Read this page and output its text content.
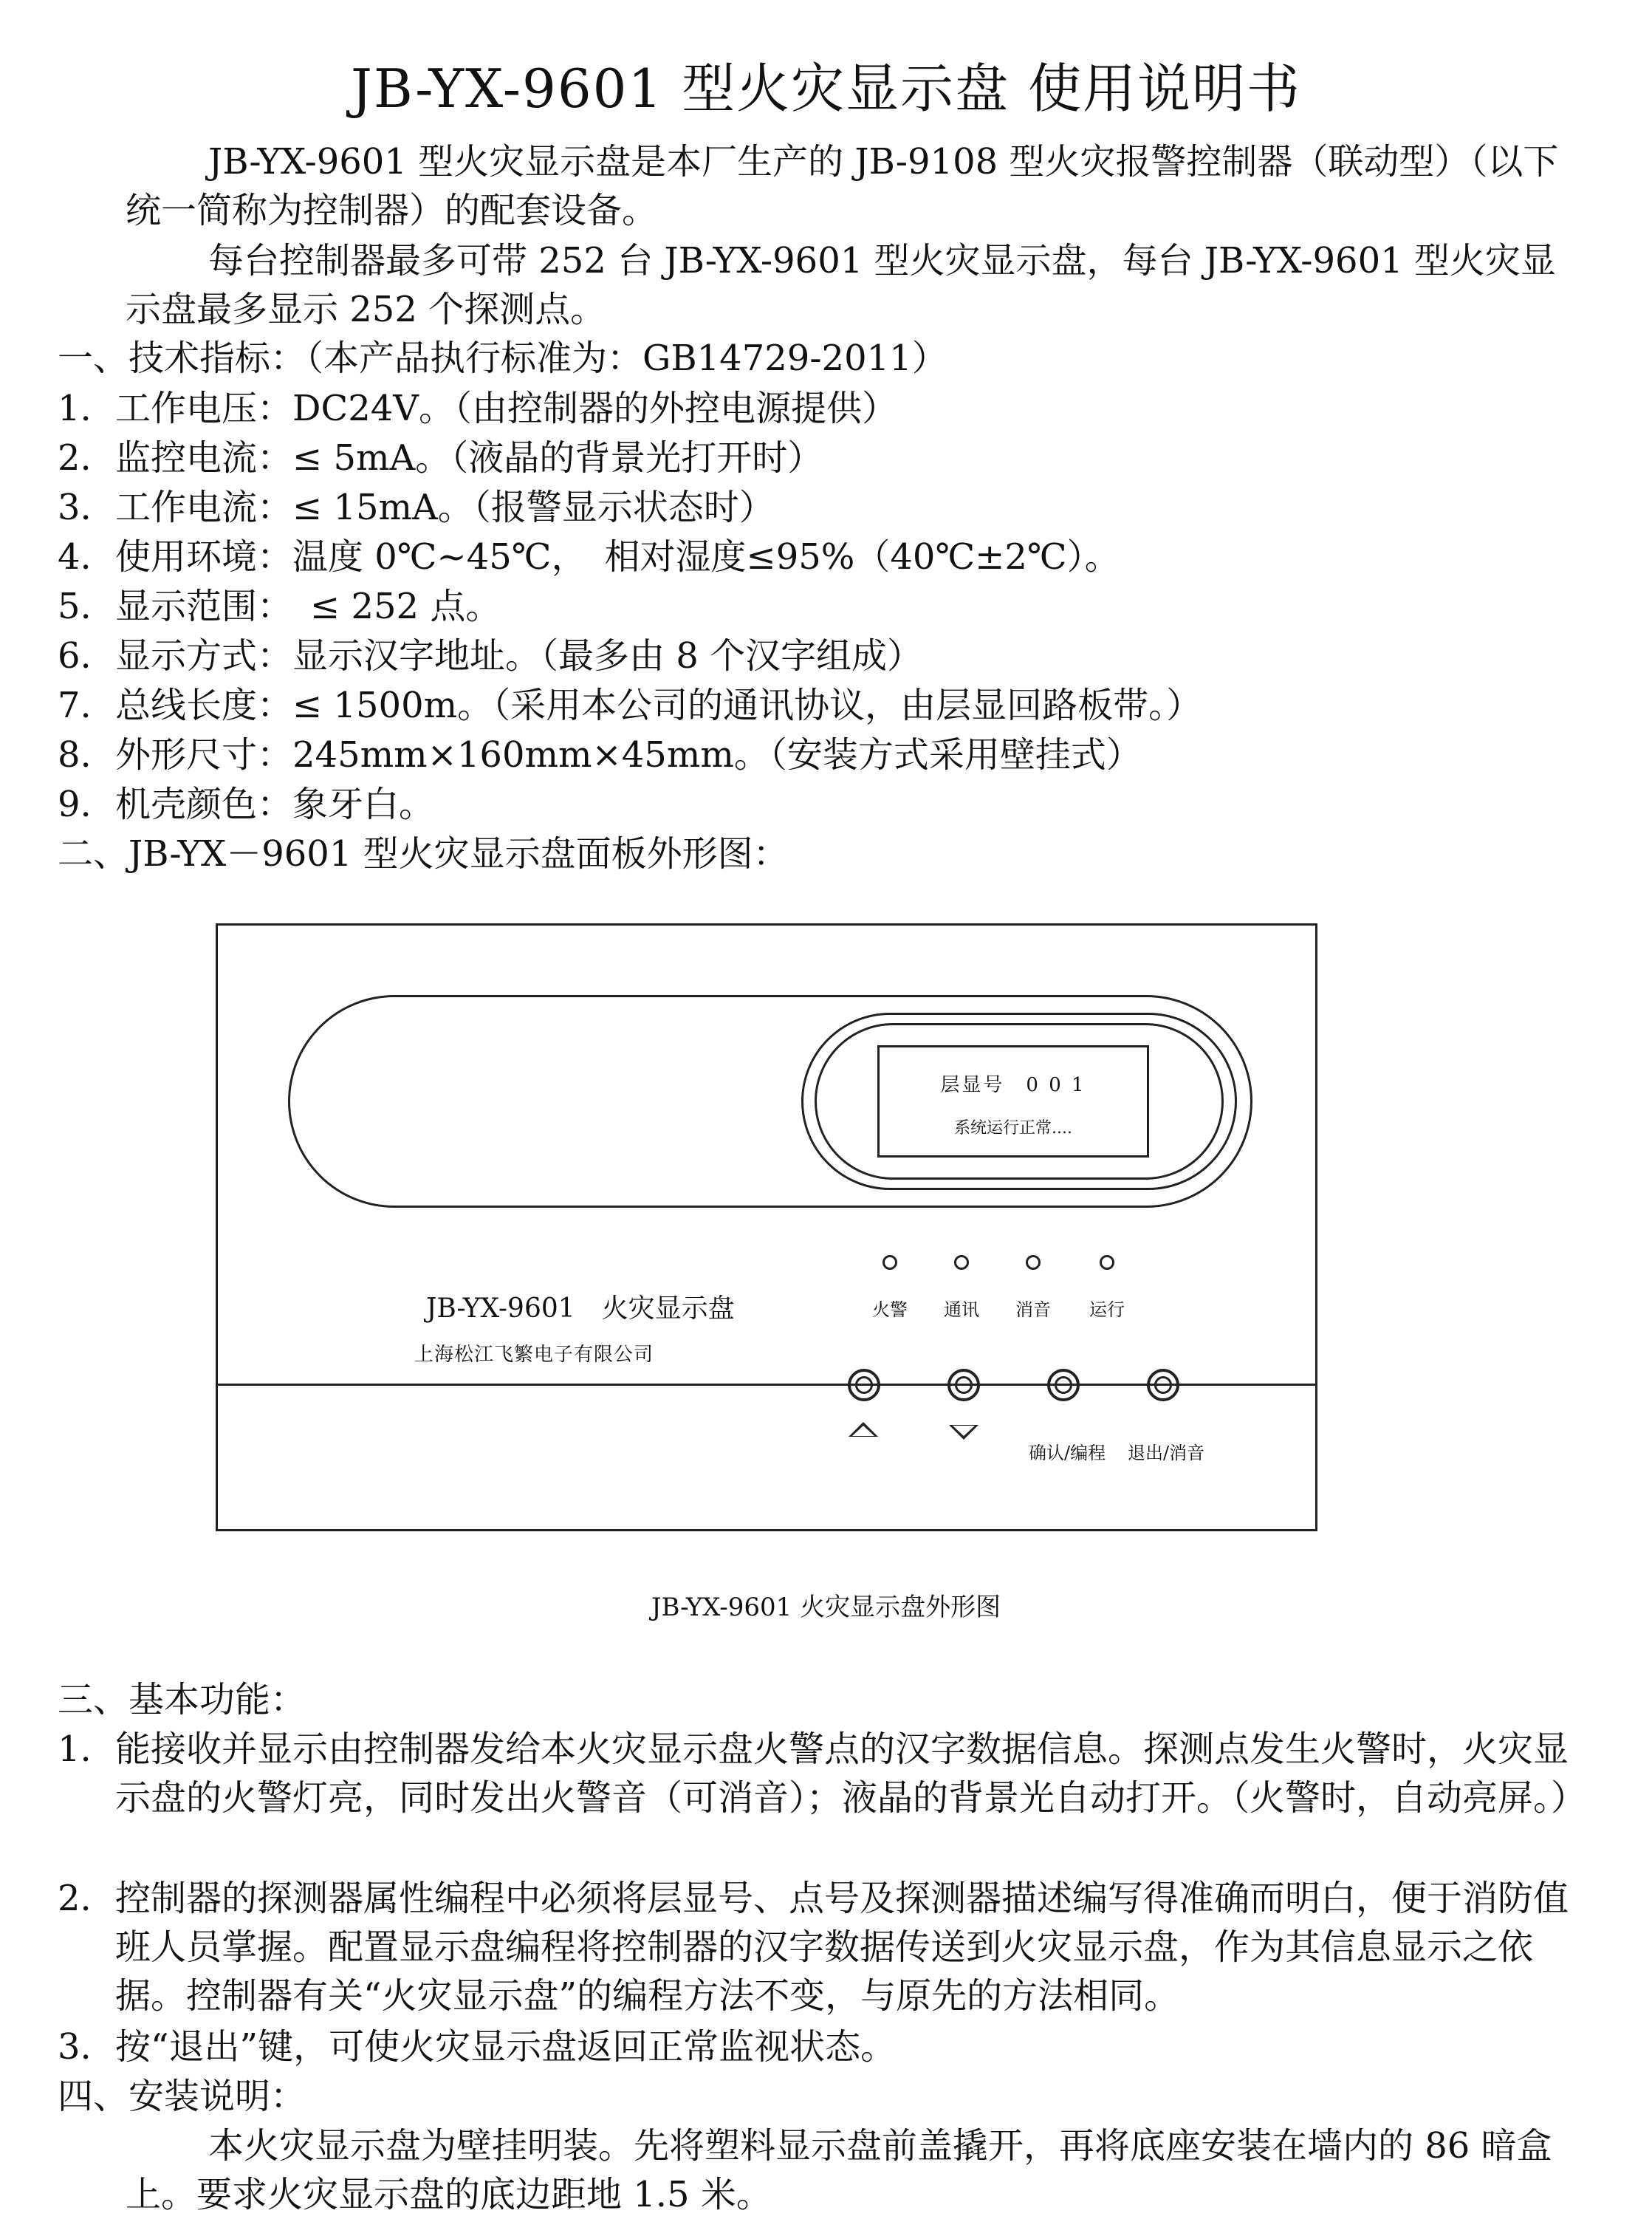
JB-YX-9601 型火灾显示盘 使用说明书
JB-YX-9601 型火灾显示盘是本厂生产的 JB-9108 型火灾报警控制器（联动型）（以下统一简称为控制器）的配套设备。
每台控制器最多可带 252 台 JB-YX-9601 型火灾显示盘，每台 JB-YX-9601 型火灾显示盘最多显示 252 个探测点。
一、技术指标：（本产品执行标准为：GB14729-2011）
1. 工作电压：DC24V。（由控制器的外控电源提供）
2. 监控电流：≤ 5mA。（液晶的背景光打开时）
3. 工作电流：≤ 15mA。（报警显示状态时）
4. 使用环境：温度 0℃~45℃，　相对湿度≤95%（40℃±2℃）。
5. 显示范围：　≤ 252 点。
6. 显示方式：显示汉字地址。（最多由 8 个汉字组成）
7. 总线长度：≤ 1500m。（采用本公司的通讯协议，由层显回路板带。）
8. 外形尺寸：245mm×160mm×45mm。（安装方式采用壁挂式）
9. 机壳颜色：象牙白。
二、JB-YX－9601 型火灾显示盘面板外形图：
层显号　0 0 1
系统运行正常....
火警	通讯	消音	运行
JB-YX-9601　火灾显示盘
上海松江飞繁电子有限公司
确认/编程 退出/消音
JB-YX-9601 火灾显示盘外形图
三、基本功能：
1. 能接收并显示由控制器发给本火灾显示盘火警点的汉字数据信息。探测点发生火警时，火灾显示盘的火警灯亮，同时发出火警音（可消音）；液晶的背景光自动打开。（火警时，自动亮屏。）
2. 控制器的探测器属性编程中必须将层显号、点号及探测器描述编写得准确而明白，便于消防值班人员掌握。配置显示盘编程将控制器的汉字数据传送到火灾显示盘，作为其信息显示之依据。控制器有关“火灾显示盘”的编程方法不变，与原先的方法相同。
3. 按“退出”键，可使火灾显示盘返回正常监视状态。
四、安装说明：
本火灾显示盘为壁挂明装。先将塑料显示盘前盖撬开，再将底座安装在墙内的 86 暗盒上。要求火灾显示盘的底边距地 1.5 米。
